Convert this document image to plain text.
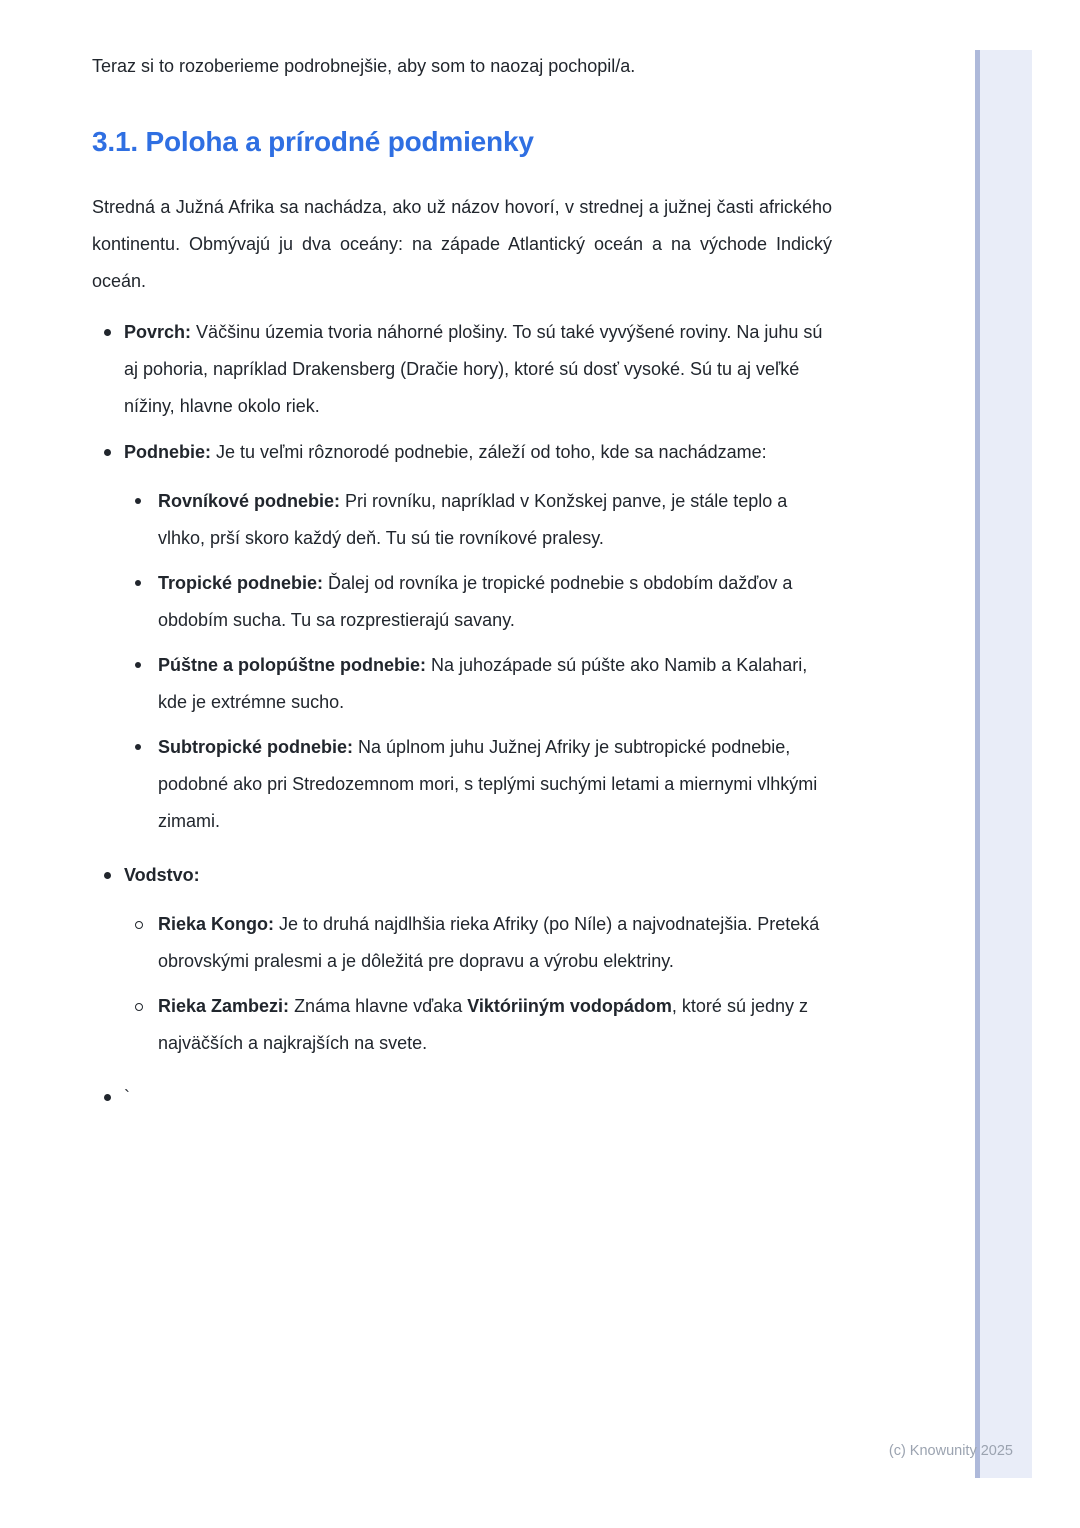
Teraz si to rozoberieme podrobnejšie, aby som to naozaj pochopil/a.

3.1. Poloha a prírodné podmienky

Stredná a Južná Afrika sa nachádza, ako už názov hovorí, v strednej a južnej časti afrického kontinentu. Obmývajú ju dva oceány: na západe Atlantický oceán a na východe Indický oceán.

Povrch: Väčšinu územia tvoria náhorné plošiny. To sú také vyvýšené roviny. Na juhu sú aj pohoria, napríklad Drakensberg (Dračie hory), ktoré sú dosť vysoké. Sú tu aj veľké nížiny, hlavne okolo riek.
Podnebie: Je tu veľmi rôznorodé podnebie, záleží od toho, kde sa nachádzame:
Rovníkové podnebie: Pri rovníku, napríklad v Konžskej panve, je stále teplo a vlhko, prší skoro každý deň. Tu sú tie rovníkové pralesy.
Tropické podnebie: Ďalej od rovníka je tropické podnebie s obdobím dažďov a obdobím sucha. Tu sa rozprestierajú savany.
Púštne a polopúštne podnebie: Na juhozápade sú púšte ako Namib a Kalahari, kde je extrémne sucho.
Subtropické podnebie: Na úplnom juhu Južnej Afriky je subtropické podnebie, podobné ako pri Stredozemnom mori, s teplými suchými letami a miernymi vlhkými zimami.
Vodstvo:
Rieka Kongo: Je to druhá najdlhšia rieka Afriky (po Níle) a najvodnatejšia. Preteká obrovskými pralesmi a je dôležitá pre dopravu a výrobu elektriny.
Rieka Zambezi: Známa hlavne vďaka Viktóriiným vodopádom, ktoré sú jedny z najväčších a najkrajších na svete.
`
(c) Knowunity 2025
